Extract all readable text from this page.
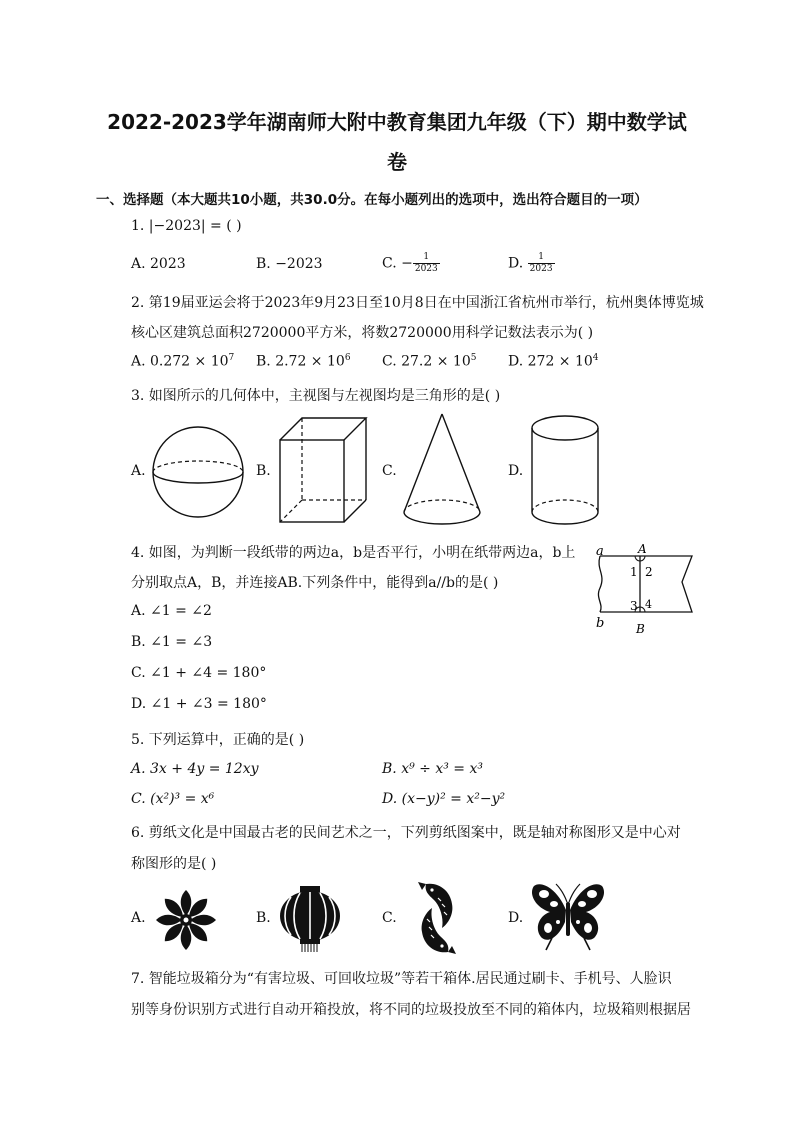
2022-2023学年湖南师大附中教育集团九年级（下）期中数学试
卷
一、选择题（本大题共10小题，共30.0分。在每小题列出的选项中，选出符合题目的一项）
1. |−2023| = ( )
A. 2023	B. −2023	C. − $\frac{1}{2023}$	D. $\frac{1}{2023}$
2. 第19届亚运会将于2023年9月23日至10月8日在中国浙江省杭州市举行，杭州奥体博览城
核心区建筑总面积2720000平方米，将数2720000用科学记数法表示为( )
A. $0.272 \times 10^7$ B. $2.72 \times 10^6$ C. $27.2 \times 10^5$ D. $272 \times 10^4$
3. 如图所示的几何体中，主视图与左视图均是三角形的是( )
A.	B.	C.	D.
4. 如图，为判断一段纸带的两边a，b是否平行，小明在纸带两边a，b上
分别取点A，B，并连接AB.下列条件中，能得到a//b的是( )
A. ∠1 = ∠2
B. ∠1 = ∠3
C. ∠1 + ∠4 = 180°
D. ∠1 + ∠3 = 180°
a
b
A
B
1 2
3 4
5. 下列运算中，正确的是( )
A. 3x + 4y = 12xy	B. x⁹ ÷ x³ = x³
C. (x²)³ = x⁶	D. (x−y)² = x²−y²
6. 剪纸文化是中国最古老的民间艺术之一，下列剪纸图案中，既是轴对称图形又是中心对
称图形的是( )
A.	B.	C.	D.
7. 智能垃圾箱分为“有害垃圾、可回收垃圾”等若干箱体.居民通过刷卡、手机号、人脸识
别等身份识别方式进行自动开箱投放，将不同的垃圾投放至不同的箱体内，垃圾箱则根据居
